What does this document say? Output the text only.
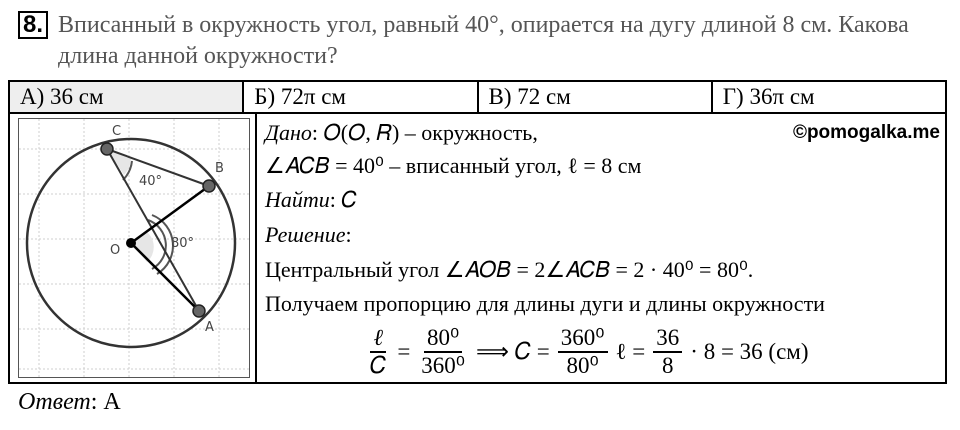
8. Вписанный в окружность угол, равный 40°, опирается на дугу длиной 8 см. Какова длина данной окружности?
А) 36 см	Б) 72π см	В) 72 см	Г) 36π см
C
B
O
A
40°
80°
©pomogalka.me
Дано: 𝑂(𝑂, 𝑅) – окружность,
∠𝐴𝐶𝐵 = 40⁰ – вписанный угол, ℓ = 8 см
Найти: 𝐶
Решение:
Центральный угол ∠𝐴𝑂𝐵 = 2∠𝐴𝐶𝐵 = 2 · 40⁰ = 80⁰.
Получаем пропорцию для длины дуги и длины окружности
$\frac{\text{ℓ}}{\text{𝐶}} = \frac{\text{80⁰}}{\text{360⁰}}$ ⟹ 𝐶 = $\frac{\text{360⁰}}{\text{80⁰}}$ ℓ = $\frac{36}{8} \cdot 8 = 36$ (см)
Ответ: А
